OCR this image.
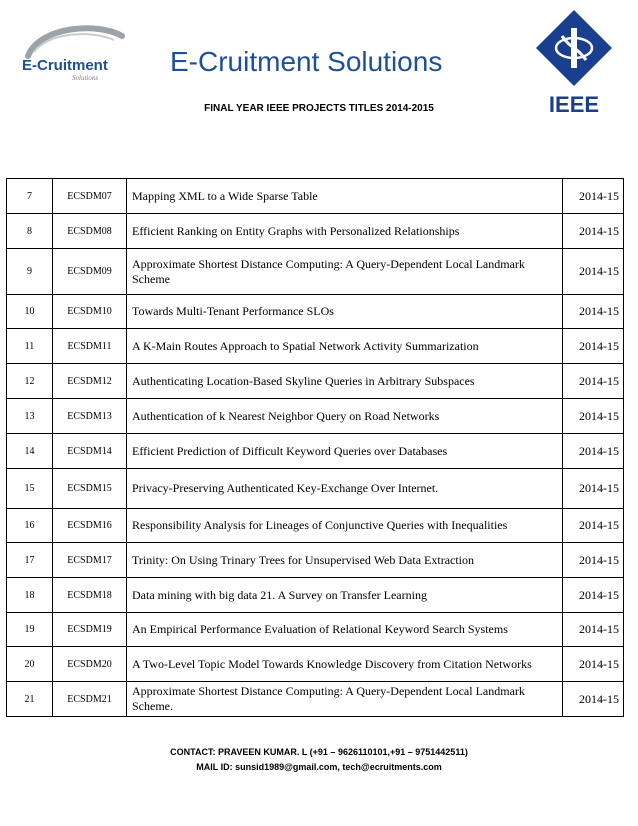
E-Cruitment
Solutions
E-Cruitment Solutions
FINAL YEAR IEEE PROJECTS TITLES 2014-2015	IEEE
7	ECSDM07	Mapping XML to a Wide Sparse Table	2014-15
8	ECSDM08	Efficient Ranking on Entity Graphs with Personalized Relationships	2014-15
9	ECSDM09	Approximate Shortest Distance Computing: A Query-Dependent Local Landmark Scheme	2014-15
10	ECSDM10	Towards Multi-Tenant Performance SLOs	2014-15
11	ECSDM11	A K-Main Routes Approach to Spatial Network Activity Summarization	2014-15
12	ECSDM12	Authenticating Location-Based Skyline Queries in Arbitrary Subspaces	2014-15
13	ECSDM13	Authentication of k Nearest Neighbor Query on Road Networks	2014-15
14	ECSDM14	Efficient Prediction of Difficult Keyword Queries over Databases	2014-15
15	ECSDM15	Privacy-Preserving Authenticated Key-Exchange Over Internet.	2014-15
16	ECSDM16	Responsibility Analysis for Lineages of Conjunctive Queries with Inequalities	2014-15
17	ECSDM17	Trinity: On Using Trinary Trees for Unsupervised Web Data Extraction	2014-15
18	ECSDM18	Data mining with big data 21. A Survey on Transfer Learning	2014-15
19	ECSDM19	An Empirical Performance Evaluation of Relational Keyword Search Systems	2014-15
20	ECSDM20	A Two-Level Topic Model Towards Knowledge Discovery from Citation Networks	2014-15
21	ECSDM21	Approximate Shortest Distance Computing: A Query-Dependent Local Landmark Scheme.	2014-15
CONTACT: PRAVEEN KUMAR. L (+91 – 9626110101,+91 – 9751442511)
MAIL ID: sunsid1989@gmail.com, tech@ecruitments.com
